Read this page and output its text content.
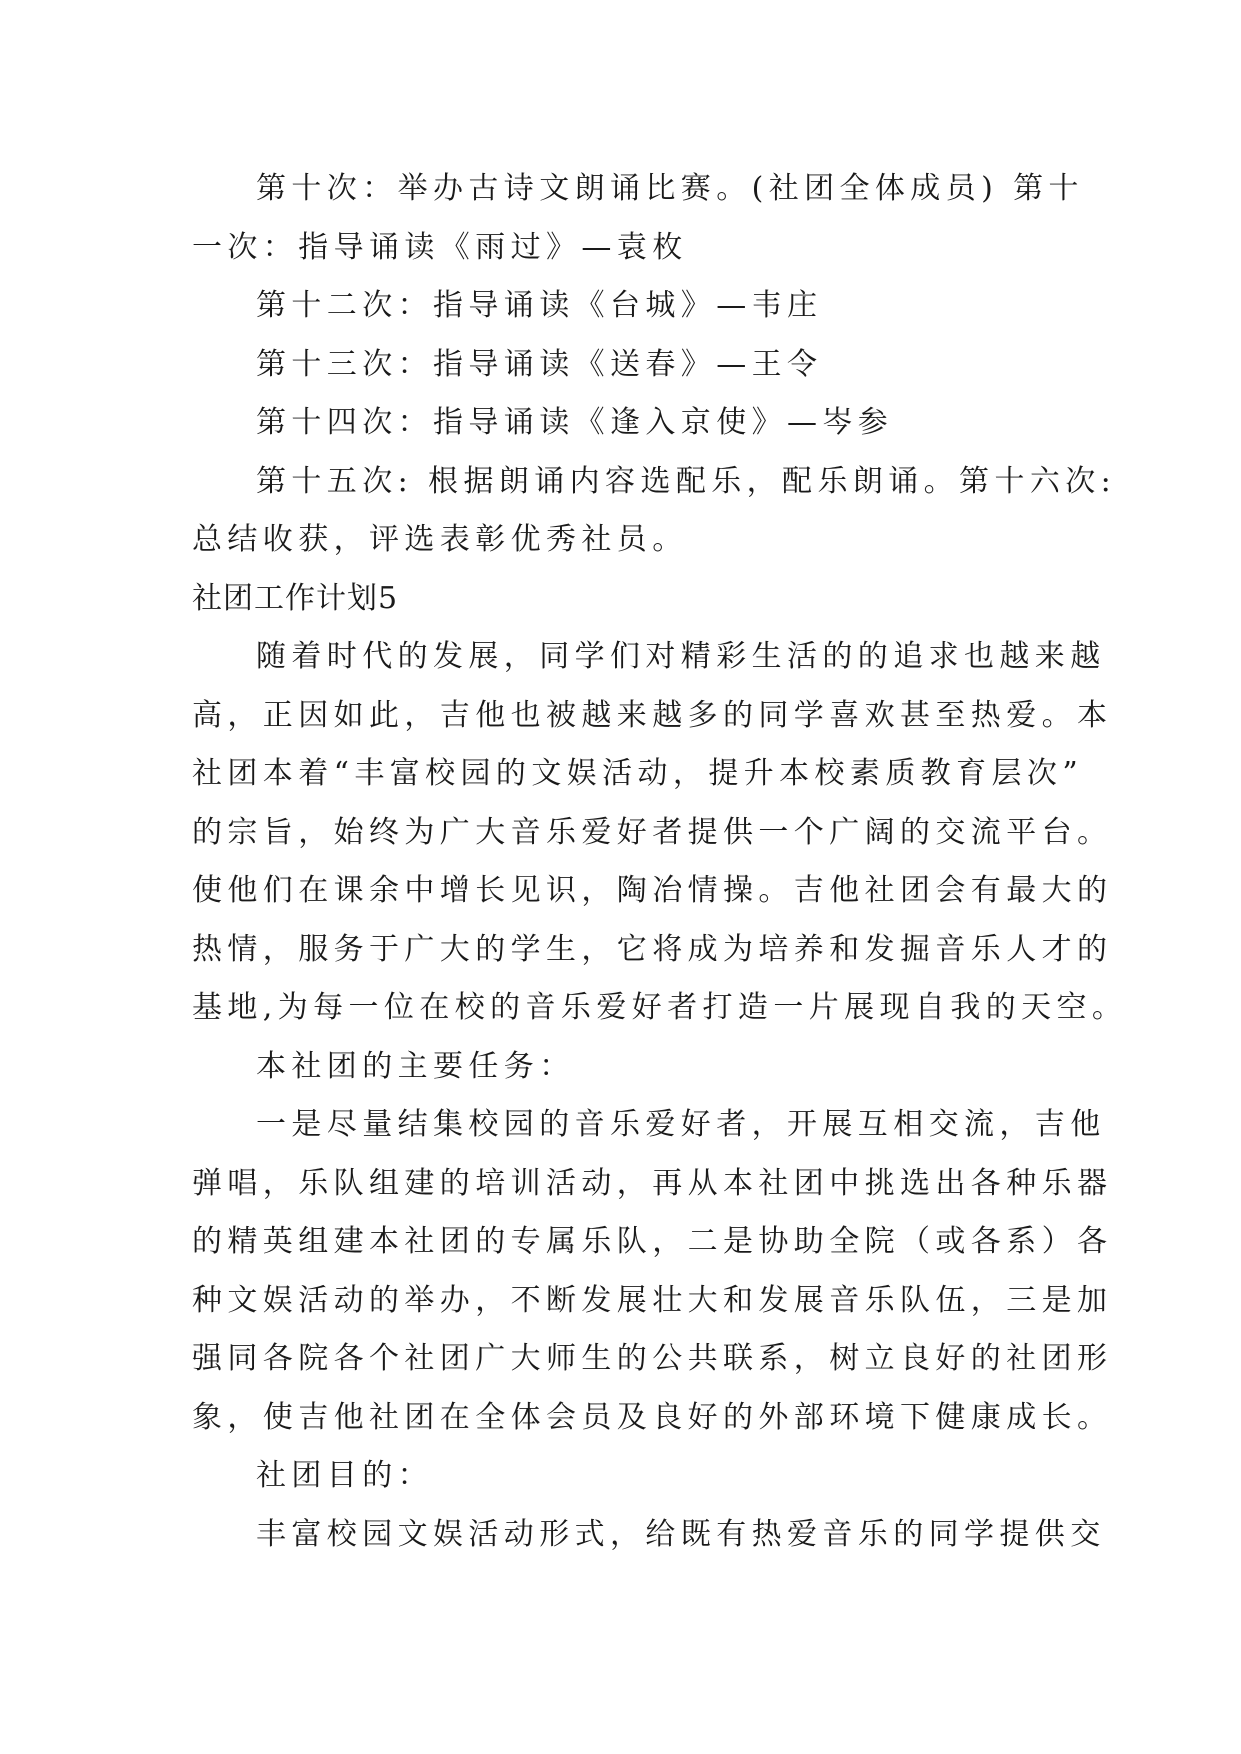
第十次：举办古诗文朗诵比赛。(社团全体成员) 第十
一次：指导诵读《雨过》—袁枚
第十二次：指导诵读《台城》—韦庄
第十三次：指导诵读《送春》—王令
第十四次：指导诵读《逢入京使》—岑参
第十五次: 根据朗诵内容选配乐，配乐朗诵。第十六次:
总结收获，评选表彰优秀社员。
社团工作计划5
随着时代的发展，同学们对精彩生活的的追求也越来越
高，正因如此，吉他也被越来越多的同学喜欢甚至热爱。本
社团本着“丰富校园的文娱活动，提升本校素质教育层次”
的宗旨，始终为广大音乐爱好者提供一个广阔的交流平台。
使他们在课余中增长见识，陶冶情操。吉他社团会有最大的
热情，服务于广大的学生，它将成为培养和发掘音乐人才的
基地,为每一位在校的音乐爱好者打造一片展现自我的天空。
本社团的主要任务：
一是尽量结集校园的音乐爱好者，开展互相交流，吉他
弹唱，乐队组建的培训活动，再从本社团中挑选出各种乐器
的精英组建本社团的专属乐队，二是协助全院（或各系）各
种文娱活动的举办，不断发展壮大和发展音乐队伍，三是加
强同各院各个社团广大师生的公共联系，树立良好的社团形
象，使吉他社团在全体会员及良好的外部环境下健康成长。
社团目的：
丰富校园文娱活动形式，给既有热爱音乐的同学提供交
